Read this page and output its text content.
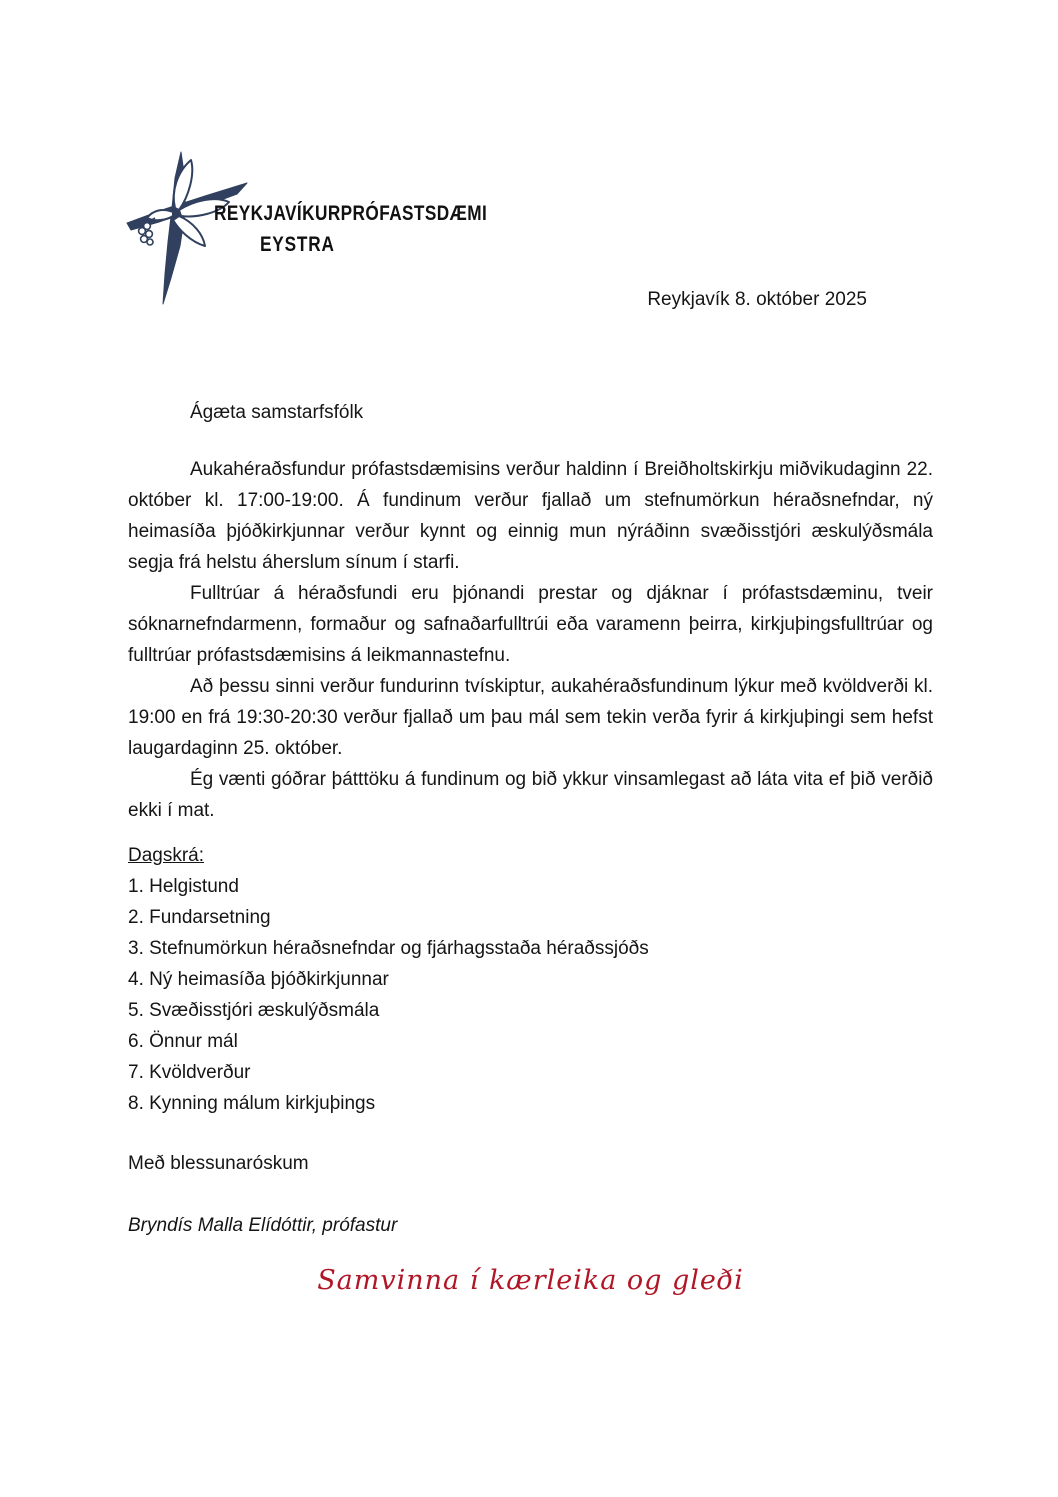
REYKJAVÍKURPRÓFASTSDÆMI
EYSTRA
Reykjavík 8. október 2025
Ágæta samstarfsfólk

Aukahéraðsfundur prófastsdæmisins verður haldinn í Breiðholtskirkju miðvikudaginn 22. október kl. 17:00-19:00. Á fundinum verður fjallað um stefnumörkun héraðsnefndar, ný heimasíða þjóðkirkjunnar verður kynnt og einnig mun nýráðinn svæðisstjóri æskulýðsmála segja frá helstu áherslum sínum í starfi.

Fulltrúar á héraðsfundi eru þjónandi prestar og djáknar í prófastsdæminu, tveir sóknarnefndarmenn, formaður og safnaðarfulltrúi eða varamenn þeirra, kirkjuþingsfulltrúar og fulltrúar prófastsdæmisins á leikmannastefnu.

Að þessu sinni verður fundurinn tvískiptur, aukahéraðsfundinum lýkur með kvöldverði kl. 19:00 en frá 19:30-20:30 verður fjallað um þau mál sem tekin verða fyrir á kirkjuþingi sem hefst laugardaginn 25. október.

Ég vænti góðrar þátttöku á fundinum og bið ykkur vinsamlegast að láta vita ef þið verðið ekki í mat.

Dagskrá:
1. Helgistund
2. Fundarsetning
3. Stefnumörkun héraðsnefndar og fjárhagsstaða héraðssjóðs
4. Ný heimasíða þjóðkirkjunnar
5. Svæðisstjóri æskulýðsmála
6. Önnur mál
7. Kvöldverður
8. Kynning málum kirkjuþings
Með blessunaróskum
Bryndís Malla Elídóttir, prófastur
Samvinna í kærleika og gleði
